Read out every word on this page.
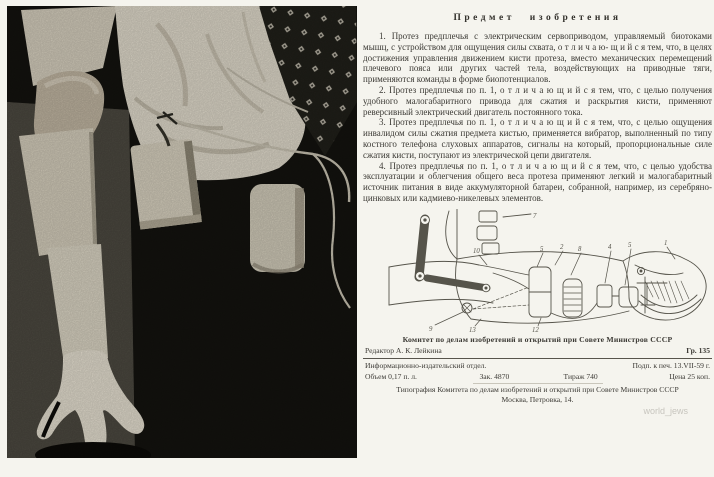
Предмет изобретения

1. Протез предплечья с электрическим сервоприводом, управляемый биотоками мышц, с устройством для ощущения силы схвата, о т л и ч а ю- щ и й с я тем, что, в целях достижения управления движением кисти протеза, вместо механических перемещений плечевого пояса или других частей тела, воздействующих на приводные тяги, применяются команды в форме биопотенциалов.

2. Протез предплечья по п. 1, о т л и ч а ю щ и й с я тем, что, с целью получения удобного малогабаритного привода для сжатия и раскрытия кисти, применяют реверсивный электрический двигатель постоянного тока.

3. Протез предплечья по п. 1, о т л и ч а ю щ и й с я тем, что, с целью ощущения инвалидом силы сжатия предмета кистью, применяется вибратор, выполненный по типу костного телефона слуховых аппаратов, сигналы на который, пропорциональные силе сжатия кисти, поступают из электрической цепи двигателя.

4. Протез предплечья по п. 1, о т л и ч а ю щ и й с я тем, что, с целью удобства эксплуатации и облегчения общего веса протеза применяют легкий и малогабаритный источник питания в виде аккумуляторной батареи, собранной, например, из серебряно-цинковых или кадмиево-никелевых элементов.

7
10	5 2 8	4 5	1
9	13	12
Комитет по делам изобретений и открытий при Совете Министров СССР
Редактор А. К. Лейкина	Гр. 135
Информационно-издательский отдел.	Подп. к печ. 13.VII-59 г.
Объем 0,17 п. л.	Зак. 4870	Тираж 740	Цена 25 коп.
Типография Комитета по делам изобретений и открытий при Совете Министров СССР
Москва, Петровка, 14.
world_jews
